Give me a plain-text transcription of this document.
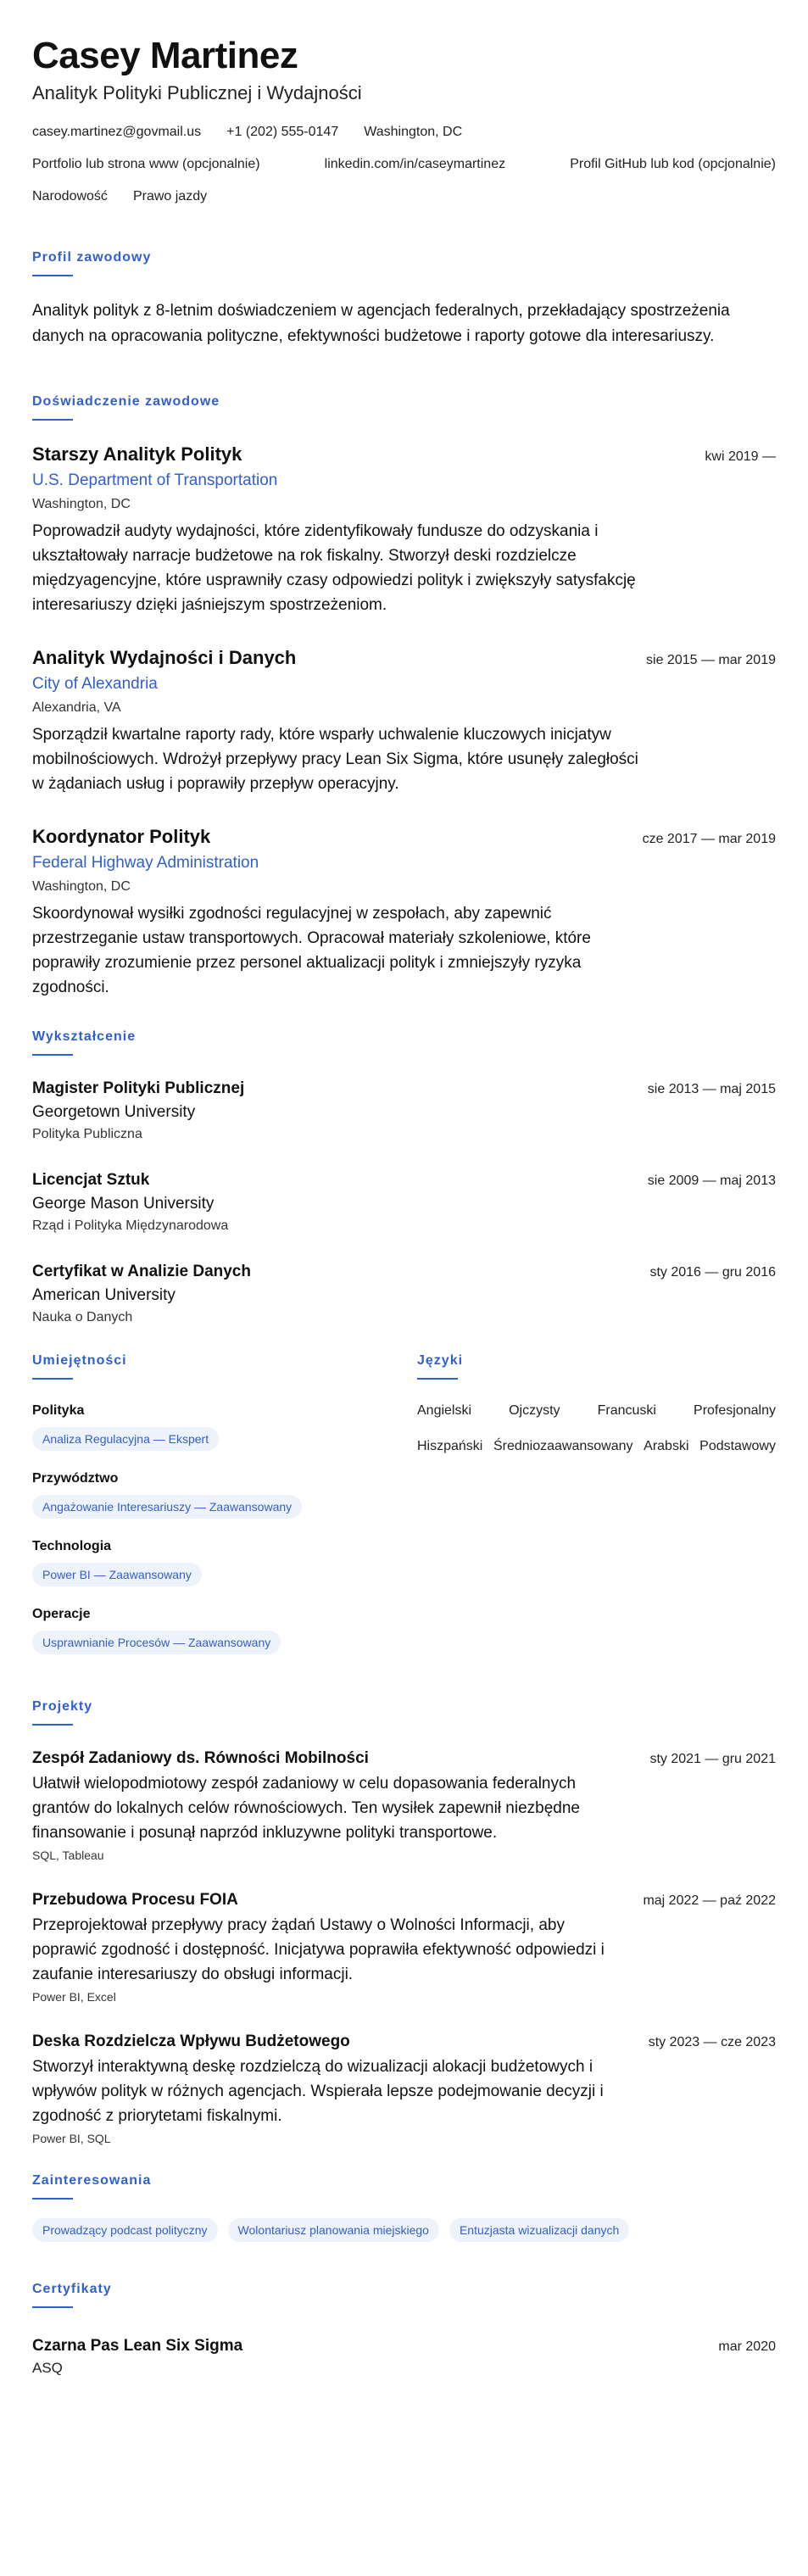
Casey Martinez
Analityk Polityki Publicznej i Wydajności
casey.martinez@govmail.us +1 (202) 555-0147 Washington, DC
Portfolio lub strona www (opcjonalnie)	linkedin.com/in/caseymartinez	Profil GitHub lub kod (opcjonalnie)
Narodowość Prawo jazdy
Profil zawodowy

Analityk polityk z 8-letnim doświadczeniem w agencjach federalnych, przekładający spostrzeżenia danych na opracowania polityczne, efektywności budżetowe i raporty gotowe dla interesariuszy.

Doświadczenie zawodowe
Starszy Analityk Polityk	kwi 2019 —
U.S. Department of Transportation
Washington, DC

Poprowadził audyty wydajności, które zidentyfikowały fundusze do odzyskania i ukształtowały narracje budżetowe na rok fiskalny. Stworzył deski rozdzielcze międzyagencyjne, które usprawniły czasy odpowiedzi polityk i zwiększyły satysfakcję interesariuszy dzięki jaśniejszym spostrzeżeniom.

Analityk Wydajności i Danych	sie 2015 — mar 2019
City of Alexandria
Alexandria, VA

Sporządził kwartalne raporty rady, które wsparły uchwalenie kluczowych inicjatyw mobilnościowych. Wdrożył przepływy pracy Lean Six Sigma, które usunęły zaległości w żądaniach usług i poprawiły przepływ operacyjny.

Koordynator Polityk	cze 2017 — mar 2019
Federal Highway Administration
Washington, DC

Skoordynował wysiłki zgodności regulacyjnej w zespołach, aby zapewnić przestrzeganie ustaw transportowych. Opracował materiały szkoleniowe, które poprawiły zrozumienie przez personel aktualizacji polityk i zmniejszyły ryzyka zgodności.

Wykształcenie
Magister Polityki Publicznej	sie 2013 — maj 2015
Georgetown University
Polityka Publiczna
Licencjat Sztuk	sie 2009 — maj 2013
George Mason University
Rząd i Polityka Międzynarodowa
Certyfikat w Analizie Danych	sty 2016 — gru 2016
American University
Nauka o Danych
Umiejętności
Polityka
Analiza Regulacyjna — Ekspert
Przywództwo
Angażowanie Interesariuszy — Zaawansowany
Technologia
Power BI — Zaawansowany
Operacje
Usprawnianie Procesów — Zaawansowany
Języki
Angielski	Ojczysty	Francuski	Profesjonalny
Hiszpański Średniozaawansowany Arabski Podstawowy
Projekty
Zespół Zadaniowy ds. Równości Mobilności	sty 2021 — gru 2021

Ułatwił wielopodmiotowy zespół zadaniowy w celu dopasowania federalnych grantów do lokalnych celów równościowych. Ten wysiłek zapewnił niezbędne finansowanie i posunął naprzód inkluzywne polityki transportowe.

SQL, Tableau
Przebudowa Procesu FOIA	maj 2022 — paź 2022

Przeprojektował przepływy pracy żądań Ustawy o Wolności Informacji, aby poprawić zgodność i dostępność. Inicjatywa poprawiła efektywność odpowiedzi i zaufanie interesariuszy do obsługi informacji.

Power BI, Excel
Deska Rozdzielcza Wpływu Budżetowego	sty 2023 — cze 2023

Stworzył interaktywną deskę rozdzielczą do wizualizacji alokacji budżetowych i wpływów polityk w różnych agencjach. Wspierała lepsze podejmowanie decyzji i zgodność z priorytetami fiskalnymi.

Power BI, SQL
Zainteresowania
Prowadzący podcast polityczny	Wolontariusz planowania miejskiego	Entuzjasta wizualizacji danych
Certyfikaty
Czarna Pas Lean Six Sigma	mar 2020
ASQ
